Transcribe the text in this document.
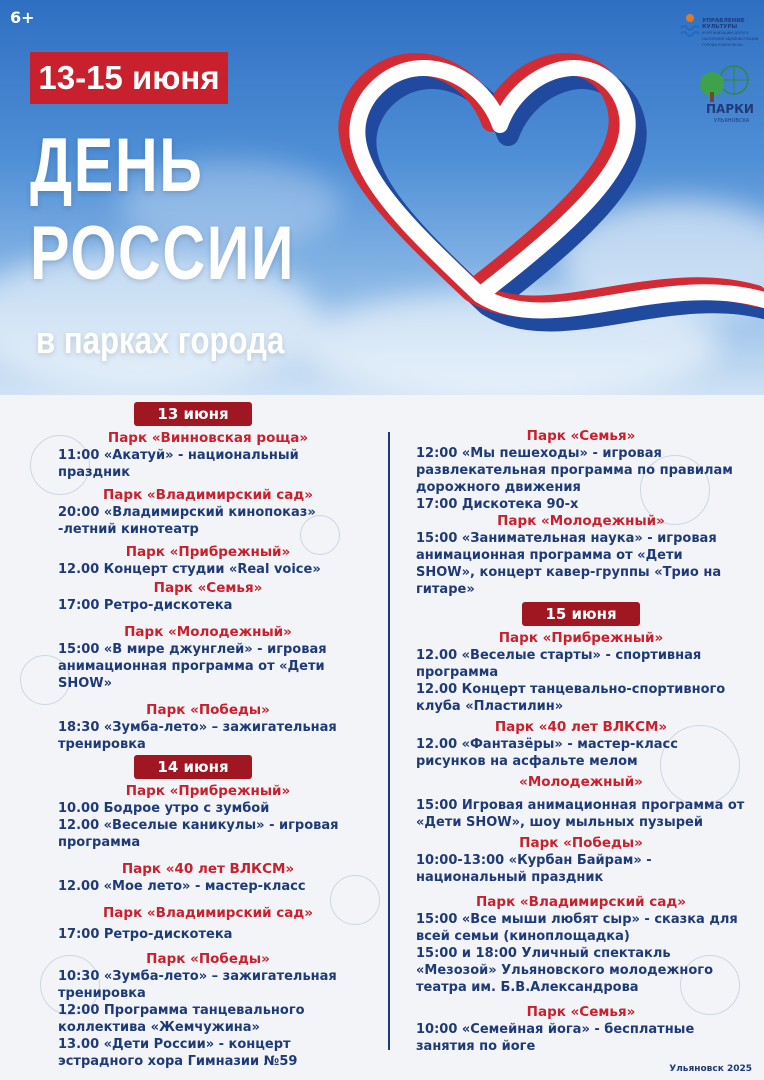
6+
13-15 июня
ДЕНЬ
РОССИИ
в парках города
УПРАВЛЕНИЕ КУЛЬТУРЫ
И ОРГАНИЗАЦИИ ДОСУГА НАСЕЛЕНИЯ АДМИНИСТРАЦИИ ГОРОДА УЛЬЯНОВСКА
ПАРКИ
УЛЬЯНОВСКА
13 июня
Парк «Винновская роща»
11:00 «Акатуй» - национальный праздник
Парк «Владимирский сад»
20:00 «Владимирский кинопоказ» -летний кинотеатр
Парк «Прибрежный»
12.00 Концерт студии «Real voice»
Парк «Семья»
17:00 Ретро-дискотека
Парк «Молодежный»
15:00 «В мире джунглей» - игровая анимационная программа от «Дети SHOW»
Парк «Победы»
18:30 «Зумба-лето» – зажигательная тренировка
14 июня
Парк «Прибрежный»
10.00 Бодрое утро с зумбой
12.00 «Веселые каникулы» - игровая программа
Парк «40 лет ВЛКСМ»
12.00 «Мое лето» - мастер-класс
Парк «Владимирский сад»
17:00 Ретро-дискотека
Парк «Победы»
10:30 «Зумба-лето» – зажигательная тренировка
12:00 Программа танцевального коллектива «Жемчужина»
13.00 «Дети России» - концерт эстрадного хора Гимназии №59
Парк «Семья»
12:00 «Мы пешеходы» - игровая развлекательная программа по правилам дорожного движения
17:00 Дискотека 90-х
Парк «Молодежный»
15:00 «Занимательная наука» - игровая анимационная программа от «Дети SHOW», концерт кавер-группы «Трио на гитаре»
15 июня
Парк «Прибрежный»
12.00 «Веселые старты» - спортивная программа
12.00 Концерт танцевально-спортивного клуба «Пластилин»
Парк «40 лет ВЛКСМ»
12.00 «Фантазёры» - мастер-класс рисунков на асфальте мелом
«Молодежный»
15:00 Игровая анимационная программа от «Дети SHOW», шоу мыльных пузырей
Парк «Победы»
10:00-13:00 «Курбан Байрам» - национальный праздник
Парк «Владимирский сад»
15:00 «Все мыши любят сыр» - сказка для всей семьи (киноплощадка)
15:00 и 18:00 Уличный спектакль «Мезозой» Ульяновского молодежного театра им. Б.В.Александрова
Парк «Семья»
10:00 «Семейная йога» - бесплатные занятия по йоге
Ульяновск 2025
